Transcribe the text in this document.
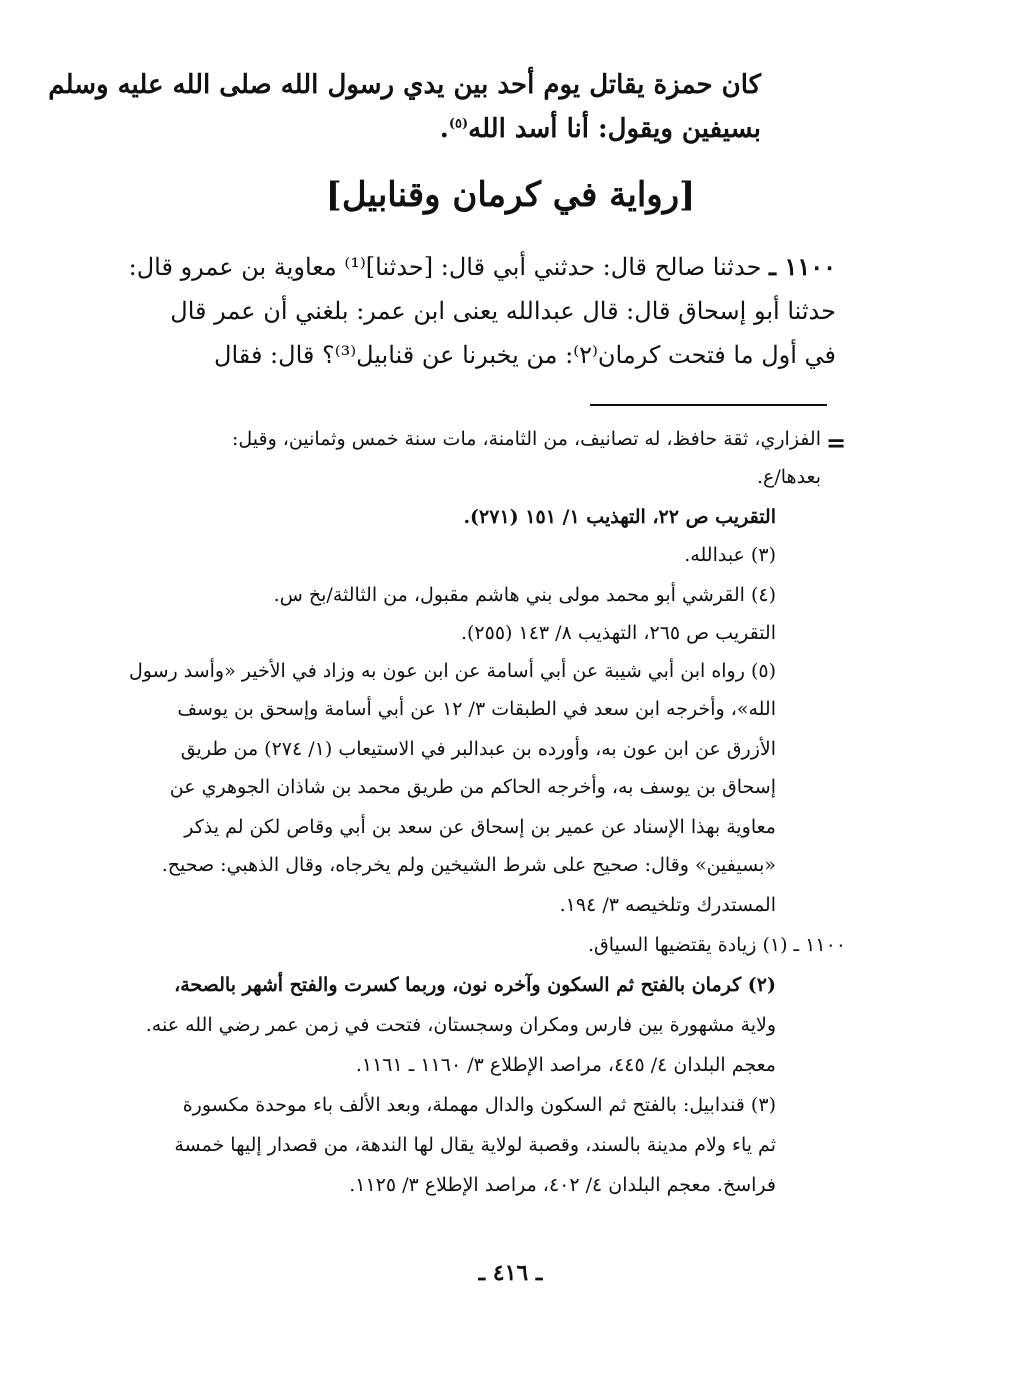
كان حمزة يقاتل يوم أحد بين يدي رسول الله صلى الله عليه وسلم
بسيفين ويقول: أنا أسد الله$^{(٥)}$.
[رواية في كرمان وقنابيل]
١١٠٠ ـ حدثنا صالح قال: حدثني أبي قال: [حدثنا]⁽¹⁾ معاوية بن عمرو قال:
حدثنا أبو إسحاق قال: قال عبدالله يعنى ابن عمر: بلغني أن عمر قال
في أول ما فتحت كرمان⁽٢⁾: من يخبرنا عن قنابيل⁽³⁾؟ قال: فقال
=
الفزاري، ثقة حافظ، له تصانيف، من الثامنة، مات سنة خمس وثمانين، وقيل:
بعدها/ع.
التقريب ص ٢٢، التهذيب ١/ ١٥١ (٢٧١).
(٣) عبدالله.
(٤) القرشي أبو محمد مولى بني هاشم مقبول، من الثالثة/بخ س.
التقريب ص ٢٦٥، التهذيب ٨/ ١٤٣ (٢٥٥).
(٥) رواه ابن أبي شيبة عن أبي أسامة عن ابن عون به وزاد في الأخير «وأسد رسول
الله»، وأخرجه ابن سعد في الطبقات ٣/ ١٢ عن أبي أسامة وإسحق بن يوسف
الأزرق عن ابن عون به، وأورده بن عبدالبر في الاستيعاب (١/ ٢٧٤) من طريق
إسحاق بن يوسف به، وأخرجه الحاكم من طريق محمد بن شاذان الجوهري عن
معاوية بهذا الإسناد عن عمير بن إسحاق عن سعد بن أبي وقاص لكن لم يذكر
«بسيفين» وقال: صحيح على شرط الشيخين ولم يخرجاه، وقال الذهبي: صحيح.
المستدرك وتلخيصه ٣/ ١٩٤.
١١٠٠ ـ (١) زيادة يقتضيها السياق.
(٢) كرمان بالفتح ثم السكون وآخره نون، وربما كسرت والفتح أشهر بالصحة،
ولاية مشهورة بين فارس ومكران وسجستان، فتحت في زمن عمر رضي الله عنه.
معجم البلدان ٤/ ٤٤٥، مراصد الإطلاع ٣/ ١١٦٠ ـ ١١٦١.
(٣) قندابيل: بالفتح ثم السكون والدال مهملة، وبعد الألف باء موحدة مكسورة
ثم ياء ولام مدينة بالسند، وقصبة لولاية يقال لها الندهة، من قصدار إليها خمسة
فراسخ. معجم البلدان ٤/ ٤٠٢، مراصد الإطلاع ٣/ ١١٢٥.
ـ ٤١٦ ـ
